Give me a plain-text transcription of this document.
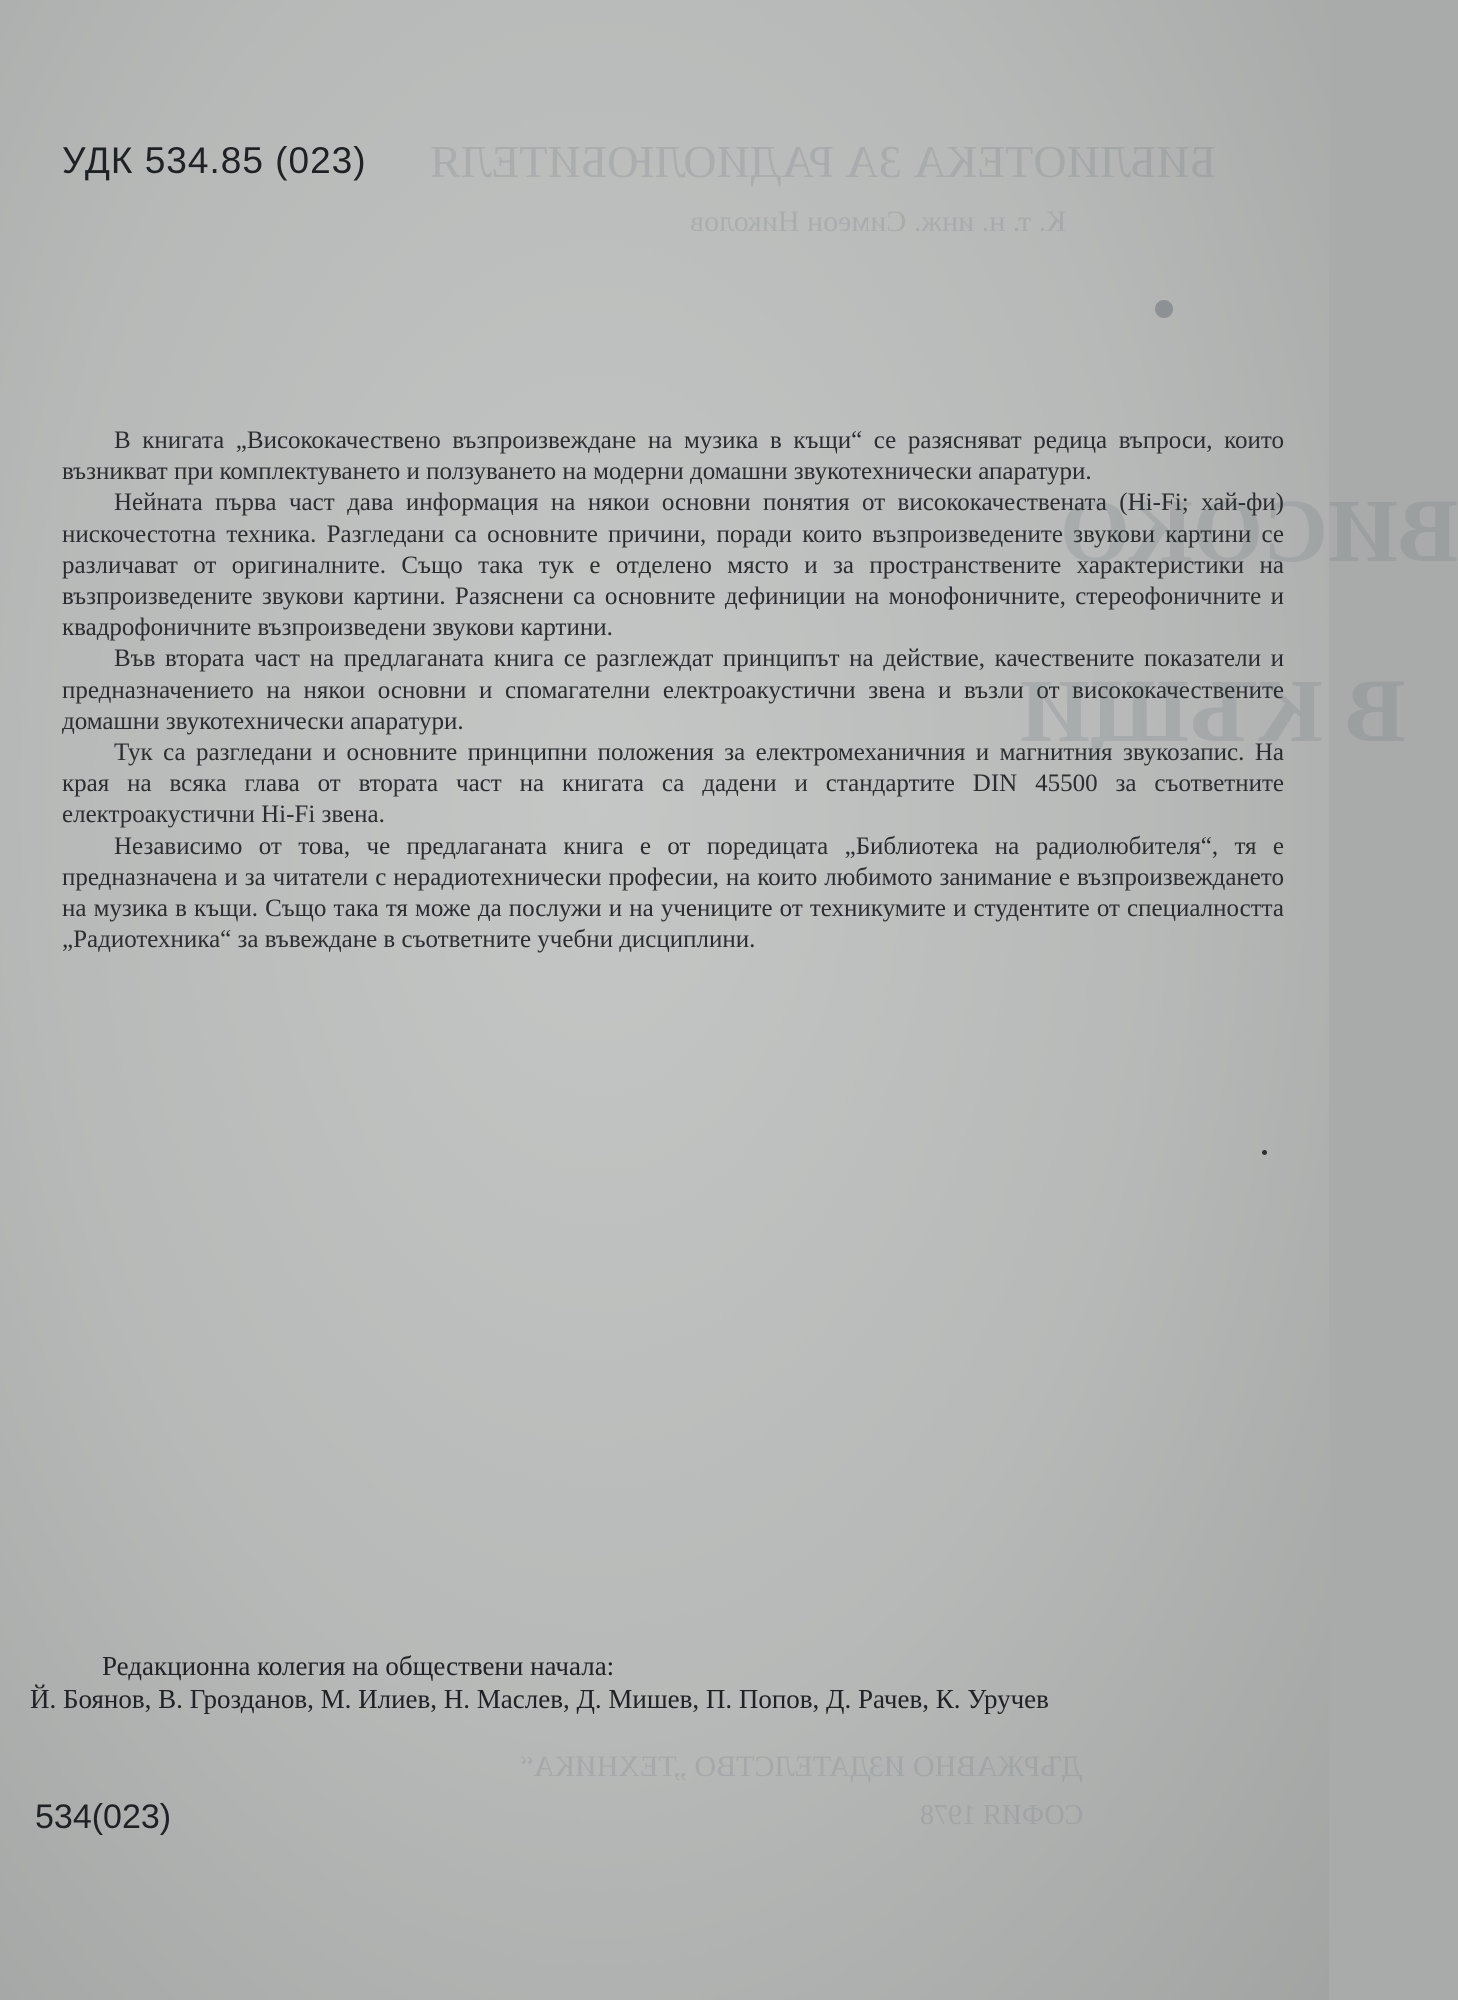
БИБЛИОТЕКА ЗА РАДИОЛЮБИТЕЛЯ
К. т. н. инж. Симеон Николов
ВИСОКО
В КЪЩИ
ДЪРЖАВНО ИЗДАТЕЛСТВО „ТЕХНИКА“
СОФИЯ 1978
УДК 534.85 (023)

В книгата „Висококачествено възпроизвеждане на музика в къщи“ се разясняват редица въпроси, които възникват при комплектуването и ползуването на модерни домашни звукотехнически апаратури.

Нейната първа част дава информация на някои основни понятия от висококачествената (Hi-Fi; хай-фи) нискочестотна техника. Разгледани са основните причини, поради които възпроизведените звукови картини се различават от оригиналните. Също така тук е отделено място и за пространствените характеристики на възпроизведените звукови картини. Разяснени са основните дефиниции на монофоничните, стереофоничните и квадрофоничните възпроизведени звукови картини.

Във втората част на предлаганата книга се разглеждат принципът на действие, качествените показатели и предназначението на някои основни и спомагателни електроакустични звена и възли от висококачествените домашни звукотехнически апаратури.

Тук са разгледани и основните принципни положения за електромеханичния и магнитния звукозапис. На края на всяка глава от втората част на книгата са дадени и стандартите DIN 45500 за съответните електроакустични Hi-Fi звена.

Независимо от това, че предлаганата книга е от поредицата „Библиотека на радиолюбителя“, тя е предназначена и за читатели с нерадиотехнически професии, на които любимото занимание е възпроизвеждането на музика в къщи. Също така тя може да послужи и на учениците от техникумите и студентите от специалността „Радиотехника“ за въвеждане в съответните учебни дисциплини.

Редакционна колегия на обществени начала:

Й. Боянов, В. Грозданов, М. Илиев, Н. Маслев, Д. Мишев, П. Попов, Д. Рачев, К. Уручев

534(023)
